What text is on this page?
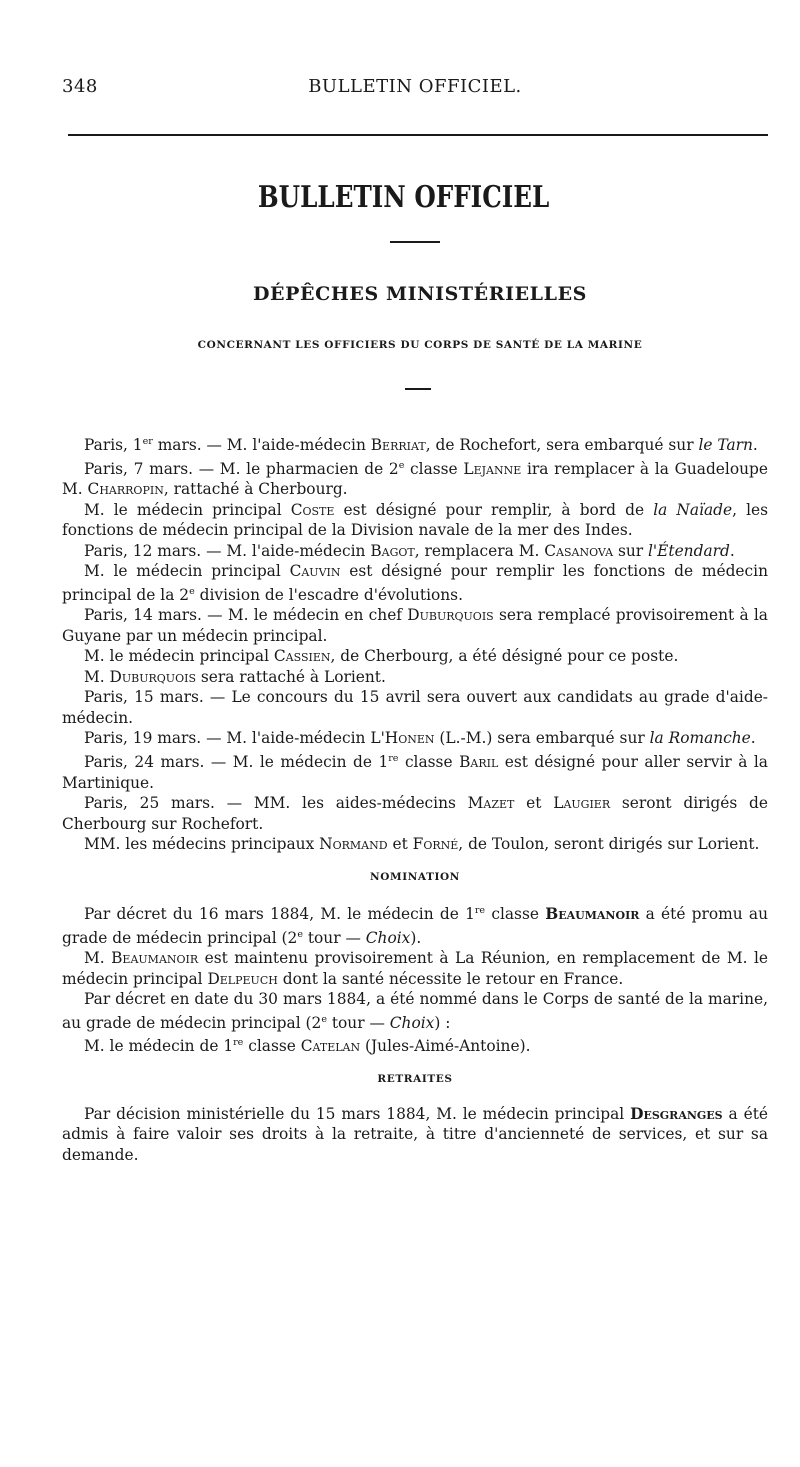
348	BULLETIN OFFICIEL.
BULLETIN OFFICIEL
DÉPÊCHES MINISTÉRIELLES
CONCERNANT LES OFFICIERS DU CORPS DE SANTÉ DE LA MARINE

Paris, 1er mars. — M. l'aide-médecin Berriat, de Rochefort, sera embarqué sur le Tarn.

Paris, 7 mars. — M. le pharmacien de 2e classe Lejanne ira remplacer à la Guadeloupe M. Charropin, rattaché à Cherbourg.

M. le médecin principal Coste est désigné pour remplir, à bord de la Naïade, les fonctions de médecin principal de la Division navale de la mer des Indes.

Paris, 12 mars. — M. l'aide-médecin Bagot, remplacera M. Casanova sur l'Étendard.

M. le médecin principal Cauvin est désigné pour remplir les fonctions de médecin principal de la 2e division de l'escadre d'évolutions.

Paris, 14 mars. — M. le médecin en chef Duburquois sera remplacé provisoirement à la Guyane par un médecin principal.

M. le médecin principal Cassien, de Cherbourg, a été désigné pour ce poste.

M. Duburquois sera rattaché à Lorient.

Paris, 15 mars. — Le concours du 15 avril sera ouvert aux candidats au grade d'aide-médecin.

Paris, 19 mars. — M. l'aide-médecin L'Honen (L.-M.) sera embarqué sur la Romanche.

Paris, 24 mars. — M. le médecin de 1re classe Baril est désigné pour aller servir à la Martinique.

Paris, 25 mars. — MM. les aides-médecins Mazet et Laugier seront dirigés de Cherbourg sur Rochefort.

MM. les médecins principaux Normand et Forné, de Toulon, seront dirigés sur Lorient.

NOMINATION

Par décret du 16 mars 1884, M. le médecin de 1re classe Beaumanoir a été promu au grade de médecin principal (2e tour — Choix).

M. Beaumanoir est maintenu provisoirement à La Réunion, en remplacement de M. le médecin principal Delpeuch dont la santé nécessite le retour en France.

Par décret en date du 30 mars 1884, a été nommé dans le Corps de santé de la marine, au grade de médecin principal (2e tour — Choix) :

M. le médecin de 1re classe Catelan (Jules-Aimé-Antoine).

RETRAITES

Par décision ministérielle du 15 mars 1884, M. le médecin principal Desgranges a été admis à faire valoir ses droits à la retraite, à titre d'ancienneté de services, et sur sa demande.
